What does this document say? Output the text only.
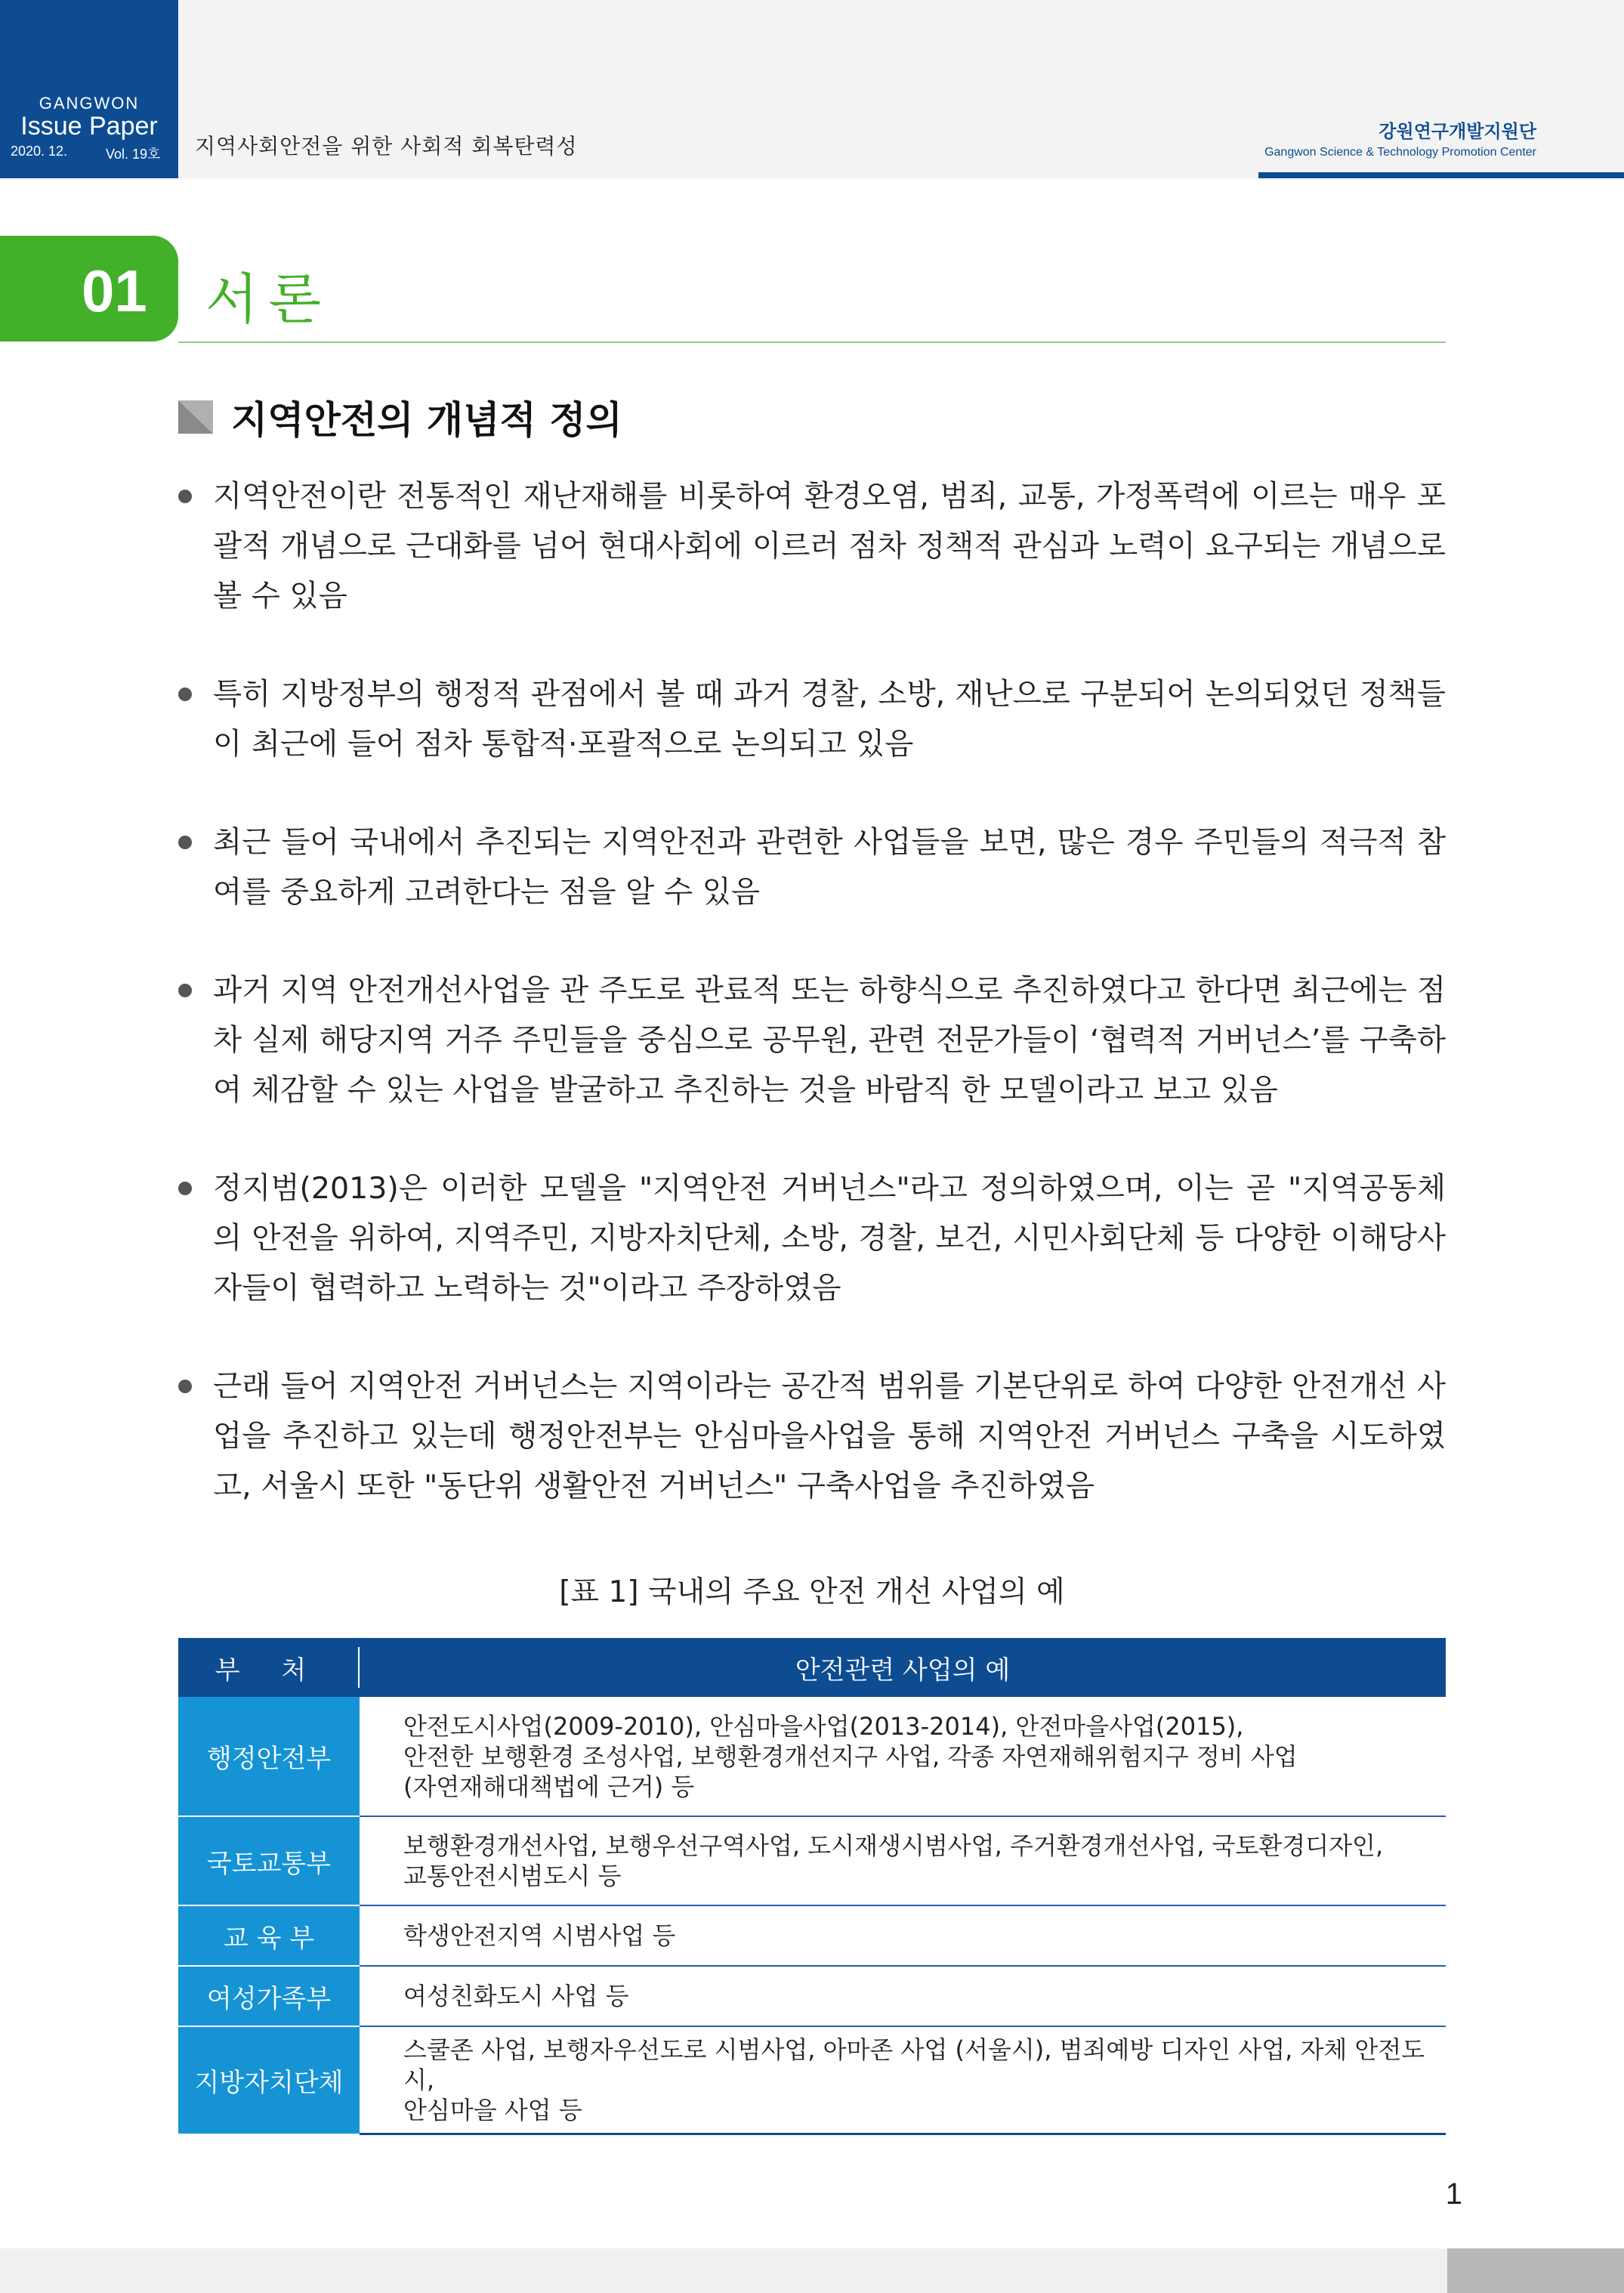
GANGWON
Issue Paper
2020. 12.	Vol. 19호 지역사회안전을 위한 사회적 회복탄력성
강원연구개발지원단
Gangwon Science & Technology Promotion Center
01 서론
지역안전의 개념적 정의
지역안전이란 전통적인 재난재해를 비롯하여 환경오염, 범죄, 교통, 가정폭력에 이르는 매우 포괄적 개념으로 근대화를 넘어 현대사회에 이르러 점차 정책적 관심과 노력이 요구되는 개념으로 볼 수 있음
특히 지방정부의 행정적 관점에서 볼 때 과거 경찰, 소방, 재난으로 구분되어 논의되었던 정책들이 최근에 들어 점차 통합적·포괄적으로 논의되고 있음
최근 들어 국내에서 추진되는 지역안전과 관련한 사업들을 보면, 많은 경우 주민들의 적극적 참여를 중요하게 고려한다는 점을 알 수 있음
과거 지역 안전개선사업을 관 주도로 관료적 또는 하향식으로 추진하였다고 한다면 최근에는 점차 실제 해당지역 거주 주민들을 중심으로 공무원, 관련 전문가들이 ‘협력적 거버넌스’를 구축하여 체감할 수 있는 사업을 발굴하고 추진하는 것을 바람직 한 모델이라고 보고 있음
정지범(2013)은 이러한 모델을 "지역안전 거버넌스"라고 정의하였으며, 이는 곧 "지역공동체의 안전을 위하여, 지역주민, 지방자치단체, 소방, 경찰, 보건, 시민사회단체 등 다양한 이해당사자들이 협력하고 노력하는 것"이라고 주장하였음
근래 들어 지역안전 거버넌스는 지역이라는 공간적 범위를 기본단위로 하여 다양한 안전개선 사업을 추진하고 있는데 행정안전부는 안심마을사업을 통해 지역안전 거버넌스 구축을 시도하였고, 서울시 또한 "동단위 생활안전 거버넌스" 구축사업을 추진하였음
[표 1] 국내의 주요 안전 개선 사업의 예
부 처	안전관련 사업의 예
행정안전부	안전도시사업(2009-2010), 안심마을사업(2013-2014), 안전마을사업(2015),
안전한 보행환경 조성사업, 보행환경개선지구 사업, 각종 자연재해위험지구 정비 사업
(자연재해대책법에 근거) 등

국토교통부	보행환경개선사업, 보행우선구역사업, 도시재생시범사업, 주거환경개선사업, 국토환경디자인,
교통안전시범도시 등

교 육 부	학생안전지역 시범사업 등

여성가족부	여성친화도시 사업 등

지방자치단체	스쿨존 사업, 보행자우선도로 시범사업, 아마존 사업 (서울시), 범죄예방 디자인 사업, 자체 안전도시,
안심마을 사업 등
1
